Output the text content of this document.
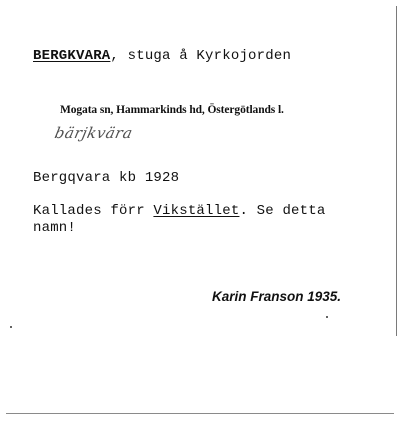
BERGKVARA, stuga å Kyrkojorden
Mogata sn, Hammarkinds hd, Östergötlands l.
bärjkvära
Bergqvara kb 1928
Kallades förr Vikstället. Se detta
namn!
Karin Franson 1935.
